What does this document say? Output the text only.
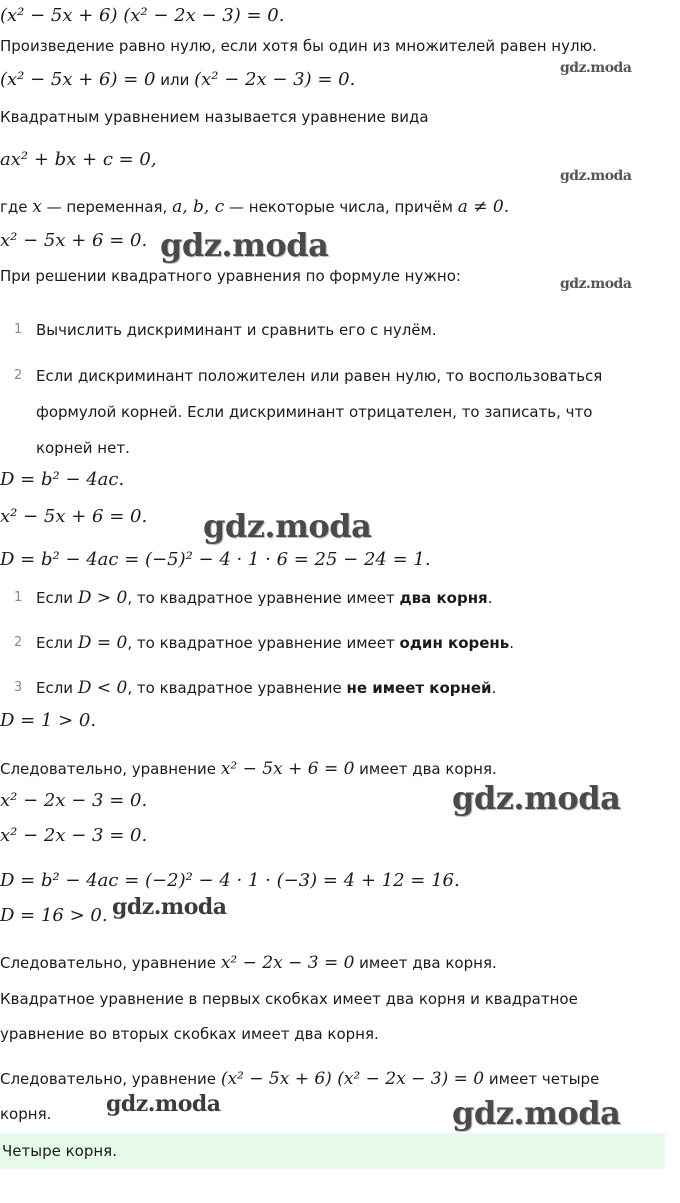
(x² − 5x + 6) (x² − 2x − 3) = 0.
Произведение равно нулю, если хотя бы один из множителей равен нулю.
(x² − 5x + 6) = 0 или (x² − 2x − 3) = 0.
Квадратным уравнением называется уравнение вида
ax² + bx + c = 0,
где x — переменная, a, b, c — некоторые числа, причём a ≠ 0.
x² − 5x + 6 = 0.
При решении квадратного уравнения по формуле нужно:
1 Вычислить дискриминант и сравнить его с нулём.
2 Если дискриминант положителен или равен нулю, то воспользоваться
формулой корней. Если дискриминант отрицателен, то записать, что
корней нет.
D = b² − 4ac.
x² − 5x + 6 = 0.
D = b² − 4ac = (−5)² − 4 · 1 · 6 = 25 − 24 = 1.
1 Если D > 0, то квадратное уравнение имеет два корня.
2 Если D = 0, то квадратное уравнение имеет один корень.
3 Если D < 0, то квадратное уравнение не имеет корней.
D = 1 > 0.
Следовательно, уравнение x² − 5x + 6 = 0 имеет два корня.
x² − 2x − 3 = 0.
x² − 2x − 3 = 0.
D = b² − 4ac = (−2)² − 4 · 1 · (−3) = 4 + 12 = 16.
D = 16 > 0.
Следовательно, уравнение x² − 2x − 3 = 0 имеет два корня.
Квадратное уравнение в первых скобках имеет два корня и квадратное
уравнение во вторых скобках имеет два корня.
Следовательно, уравнение (x² − 5x + 6) (x² − 2x − 3) = 0 имеет четыре
корня.
Четыре корня.
gdz.moda
gdz.moda
gdz.moda
gdz.moda
gdz.moda
gdz.moda
gdz.moda
gdz.moda	gdz.moda
